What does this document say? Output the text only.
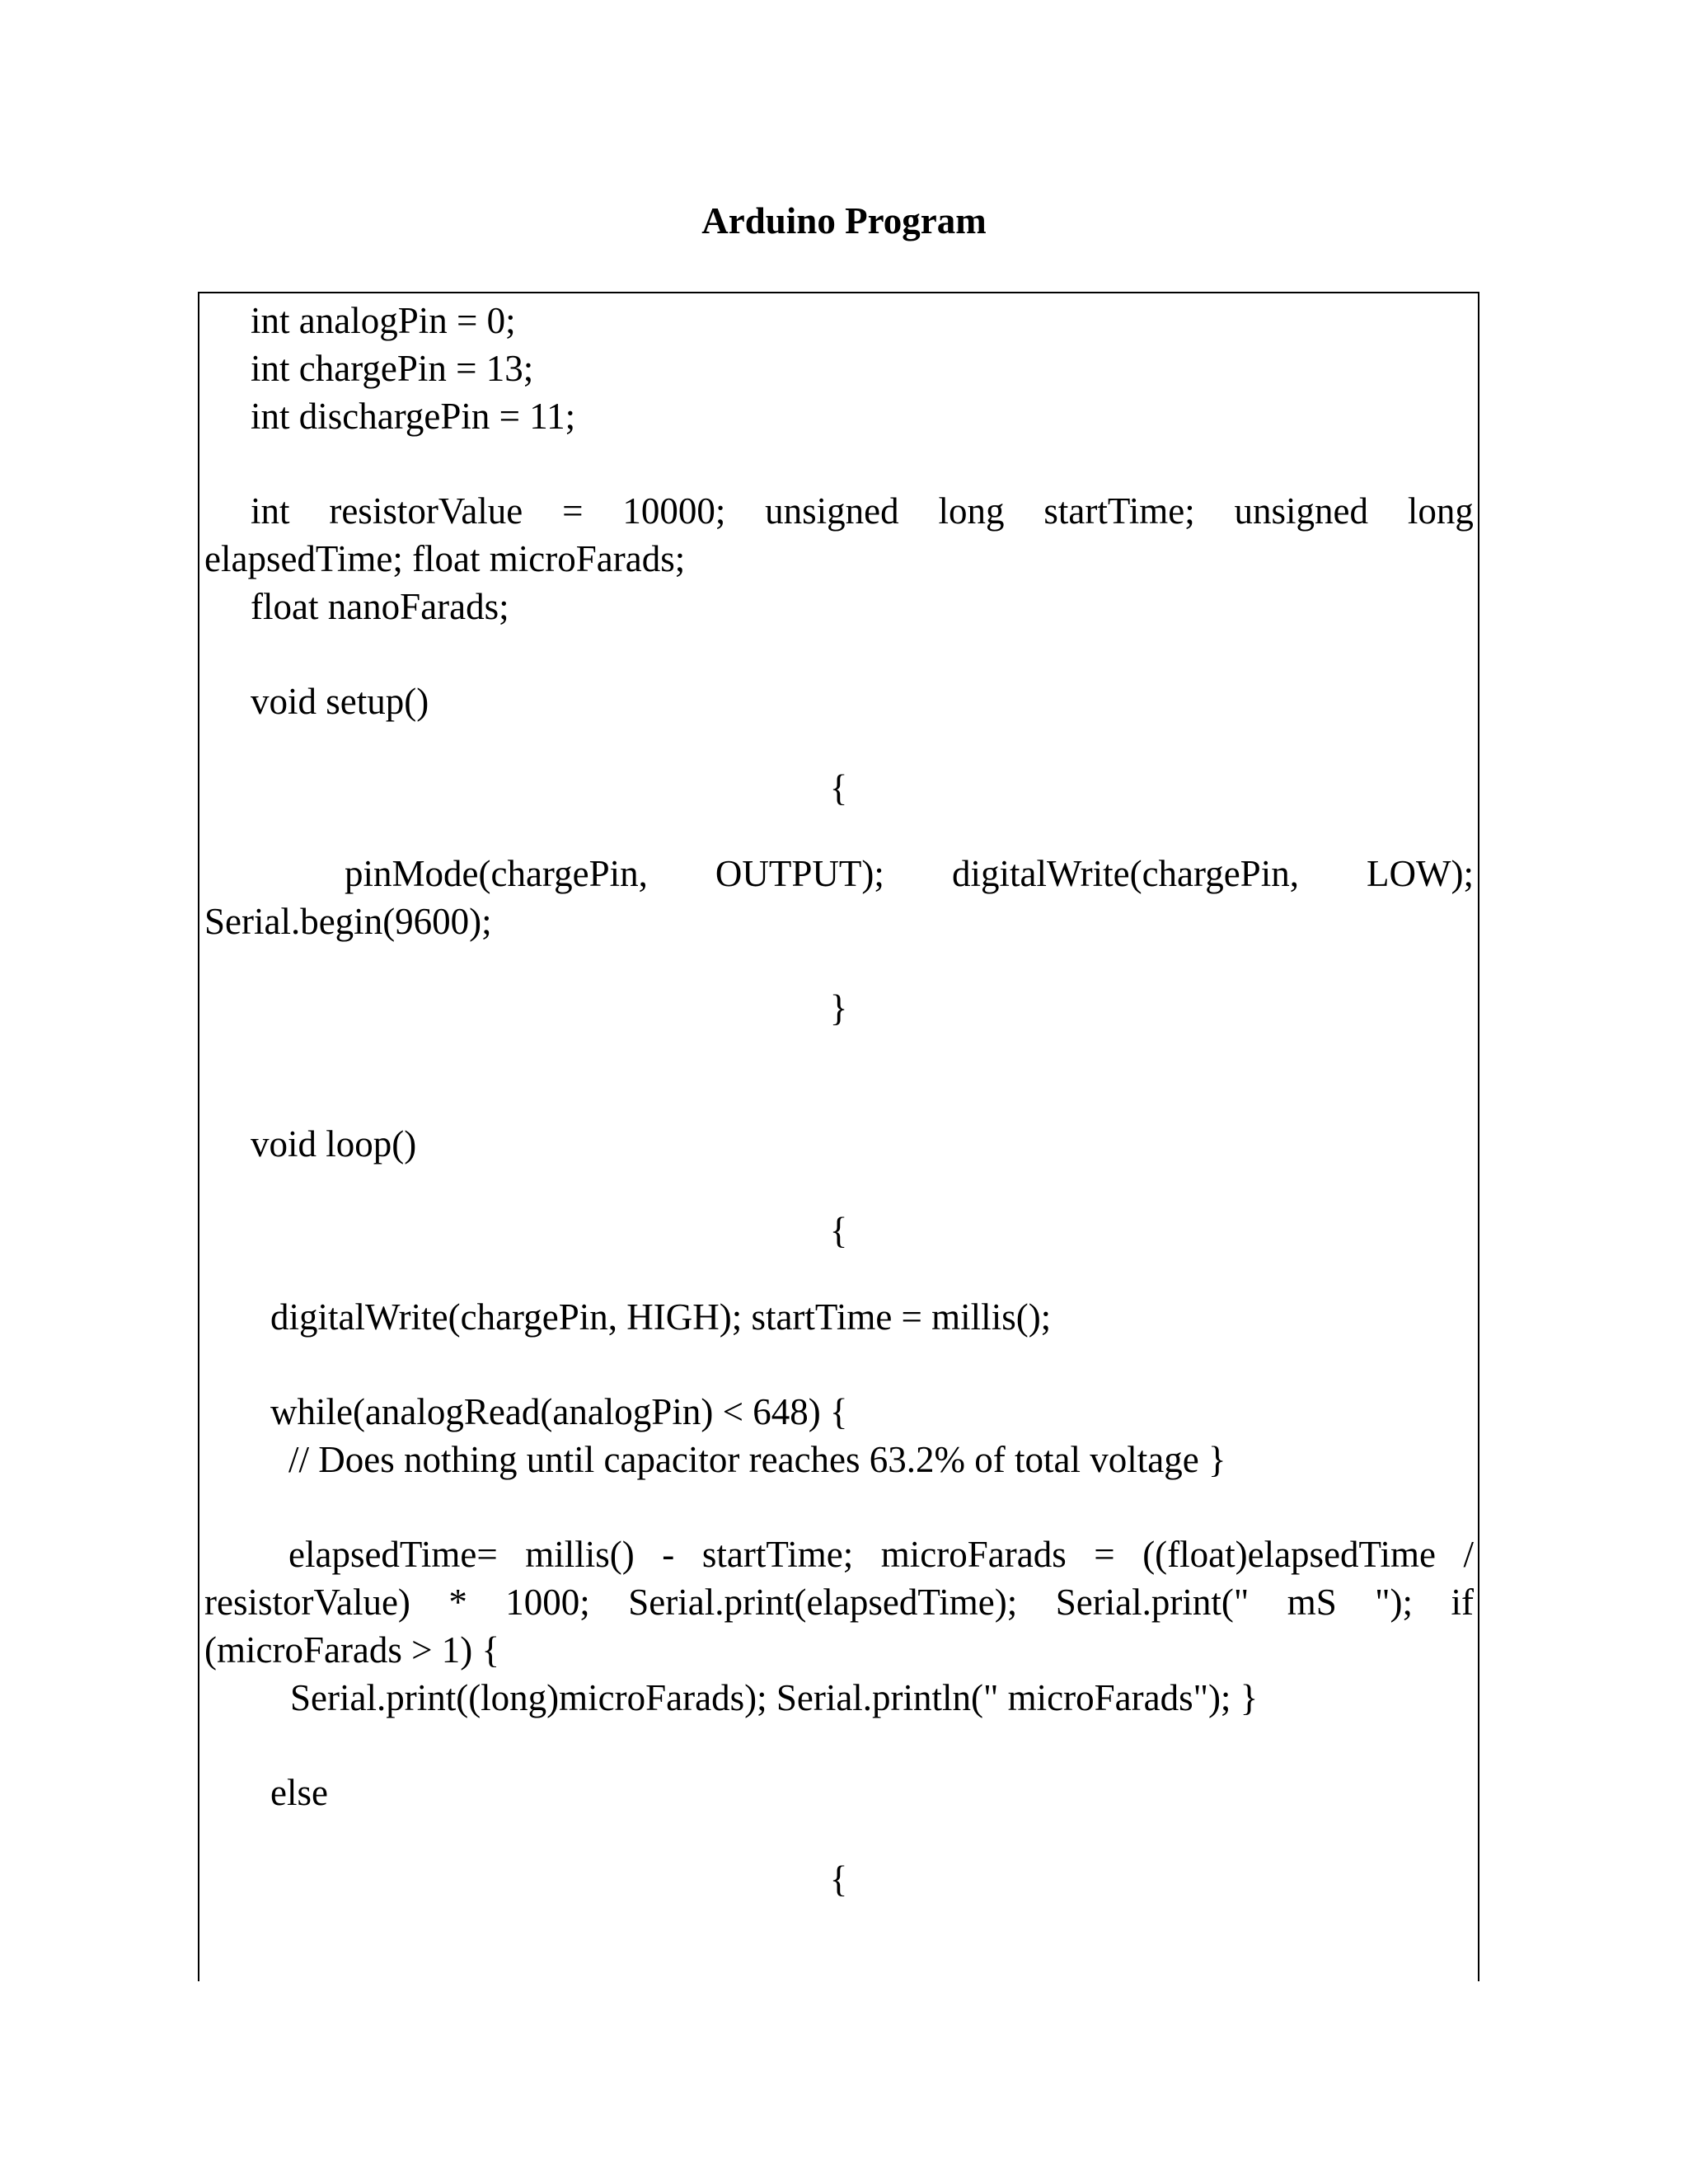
Arduino Program
int analogPin = 0;
int chargePin = 13;
int dischargePin = 11;
int resistorValue = 10000; unsigned long startTime; unsigned long
elapsedTime; float microFarads;
float nanoFarads;
void setup()
{
pinMode(chargePin, OUTPUT); digitalWrite(chargePin, LOW);
Serial.begin(9600);
}
void loop()
{
digitalWrite(chargePin, HIGH); startTime = millis();
while(analogRead(analogPin) < 648) {
// Does nothing until capacitor reaches 63.2% of total voltage }
elapsedTime= millis() - startTime; microFarads = ((float)elapsedTime /
resistorValue) * 1000; Serial.print(elapsedTime); Serial.print(" mS "); if
(microFarads > 1) {
Serial.print((long)microFarads); Serial.println(" microFarads"); }
else
{
